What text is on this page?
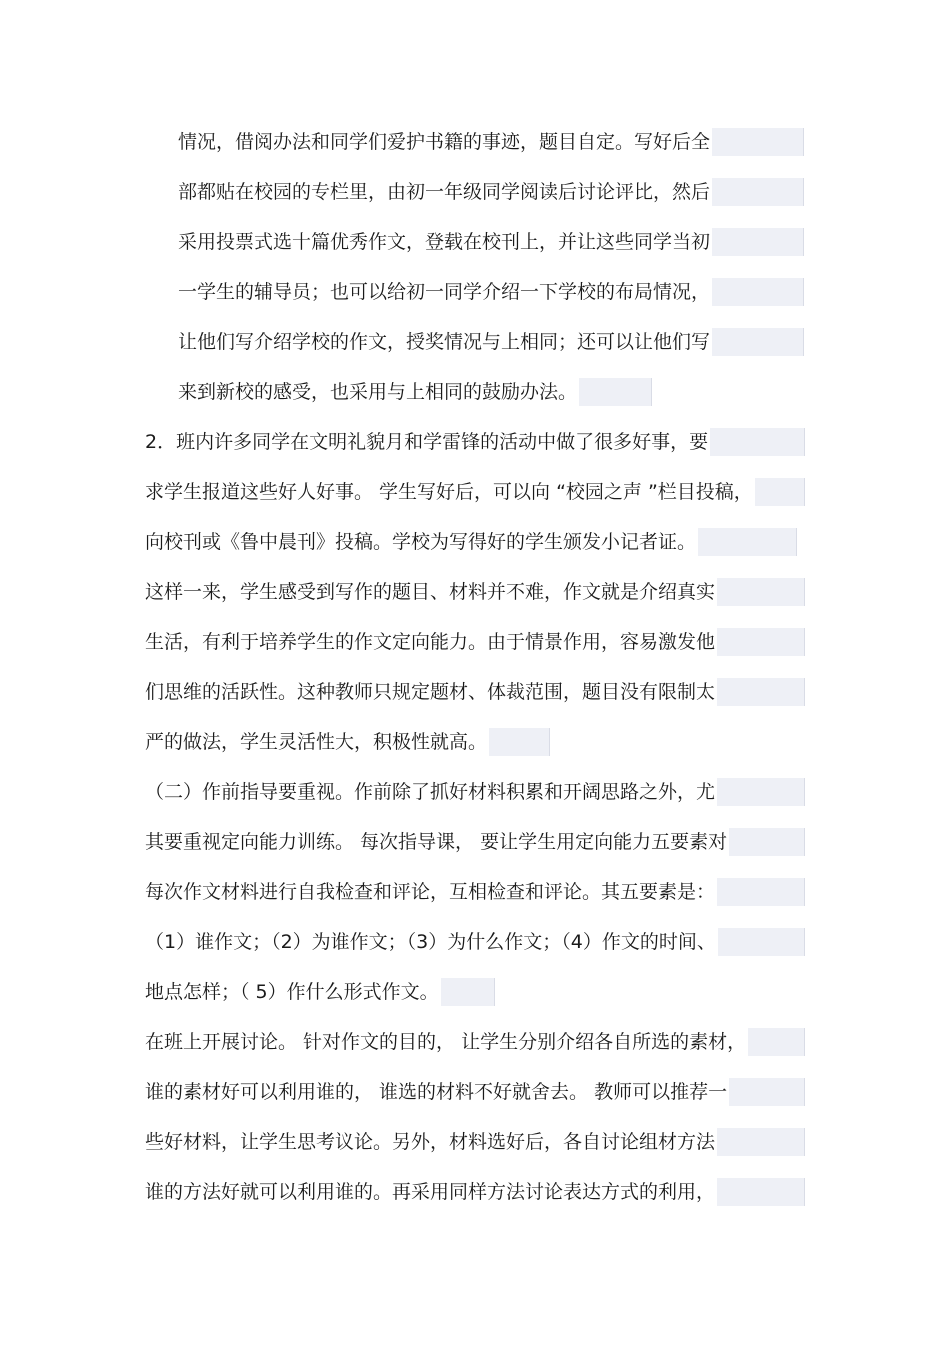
情况，借阅办法和同学们爱护书籍的事迹，题目自定。写好后全
部都贴在校园的专栏里，由初一年级同学阅读后讨论评比，然后
采用投票式选十篇优秀作文，登载在校刊上，并让这些同学当初
一学生的辅导员；也可以给初一同学介绍一下学校的布局情况，
让他们写介绍学校的作文，授奖情况与上相同；还可以让他们写
来到新校的感受，也采用与上相同的鼓励办法。
2．班内许多同学在文明礼貌月和学雷锋的活动中做了很多好事，要
求学生报道这些好人好事。 学生写好后，可以向 “校园之声 ”栏目投稿，
向校刊或《鲁中晨刊》投稿。学校为写得好的学生颁发小记者证。
这样一来，学生感受到写作的题目、材料并不难，作文就是介绍真实
生活，有利于培养学生的作文定向能力。由于情景作用，容易激发他
们思维的活跃性。这种教师只规定题材、体裁范围，题目没有限制太
严的做法，学生灵活性大，积极性就高。
（二）作前指导要重视。作前除了抓好材料积累和开阔思路之外，尤
其要重视定向能力训练。 每次指导课， 要让学生用定向能力五要素对
每次作文材料进行自我检查和评论，互相检查和评论。其五要素是：
（1）谁作文；（2）为谁作文；（3）为什么作文；（4）作文的时间、
地点怎样；（ 5）作什么形式作文。
在班上开展讨论。 针对作文的目的， 让学生分别介绍各自所选的素材，
谁的素材好可以利用谁的， 谁选的材料不好就舍去。 教师可以推荐一
些好材料，让学生思考议论。另外，材料选好后，各自讨论组材方法
谁的方法好就可以利用谁的。再采用同样方法讨论表达方式的利用，
